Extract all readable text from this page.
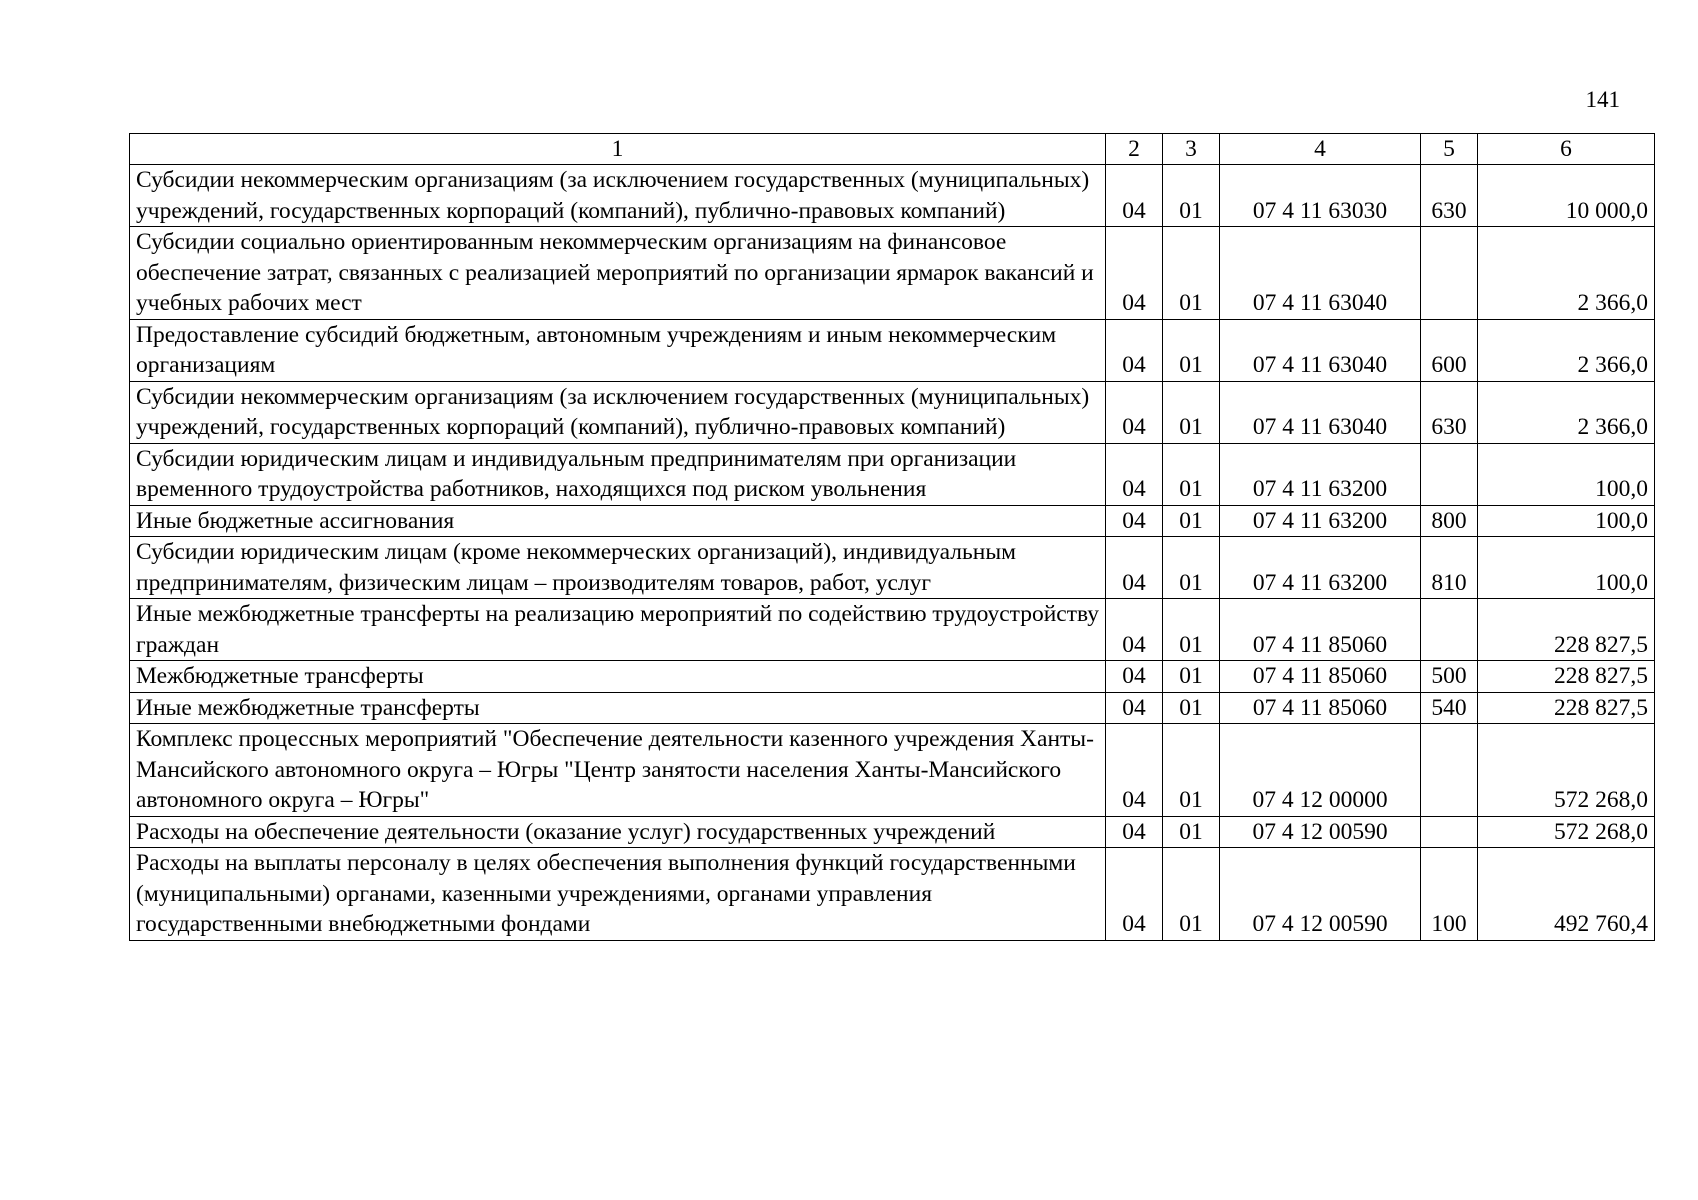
141
1	2	3	4	5	6
Субсидии некоммерческим организациям (за исключением государственных (муниципальных) учреждений, государственных корпораций (компаний), публично-правовых компаний)	04	01	07 4 11 63030	630	10 000,0
Субсидии социально ориентированным некоммерческим организациям на финансовое обеспечение затрат, связанных с реализацией мероприятий по организации ярмарок вакансий и учебных рабочих мест	04	01	07 4 11 63040		2 366,0
Предоставление субсидий бюджетным, автономным учреждениям и иным некоммерческим организациям	04	01	07 4 11 63040	600	2 366,0
Субсидии некоммерческим организациям (за исключением государственных (муниципальных) учреждений, государственных корпораций (компаний), публично-правовых компаний)	04	01	07 4 11 63040	630	2 366,0
Субсидии юридическим лицам и индивидуальным предпринимателям при организации временного трудоустройства работников, находящихся под риском увольнения	04	01	07 4 11 63200		100,0
Иные бюджетные ассигнования	04	01	07 4 11 63200	800	100,0
Субсидии юридическим лицам (кроме некоммерческих организаций), индивидуальным предпринимателям, физическим лицам – производителям товаров, работ, услуг	04	01	07 4 11 63200	810	100,0
Иные межбюджетные трансферты на реализацию мероприятий по содействию трудоустройству граждан	04	01	07 4 11 85060		228 827,5
Межбюджетные трансферты	04	01	07 4 11 85060	500	228 827,5
Иные межбюджетные трансферты	04	01	07 4 11 85060	540	228 827,5
Комплекс процессных мероприятий "Обеспечение деятельности казенного учреждения Ханты-Мансийского автономного округа – Югры "Центр занятости населения Ханты-Мансийского автономного округа – Югры"	04	01	07 4 12 00000		572 268,0
Расходы на обеспечение деятельности (оказание услуг) государственных учреждений	04	01	07 4 12 00590		572 268,0
Расходы на выплаты персоналу в целях обеспечения выполнения функций государственными (муниципальными) органами, казенными учреждениями, органами управления государственными внебюджетными фондами	04	01	07 4 12 00590	100	492 760,4
